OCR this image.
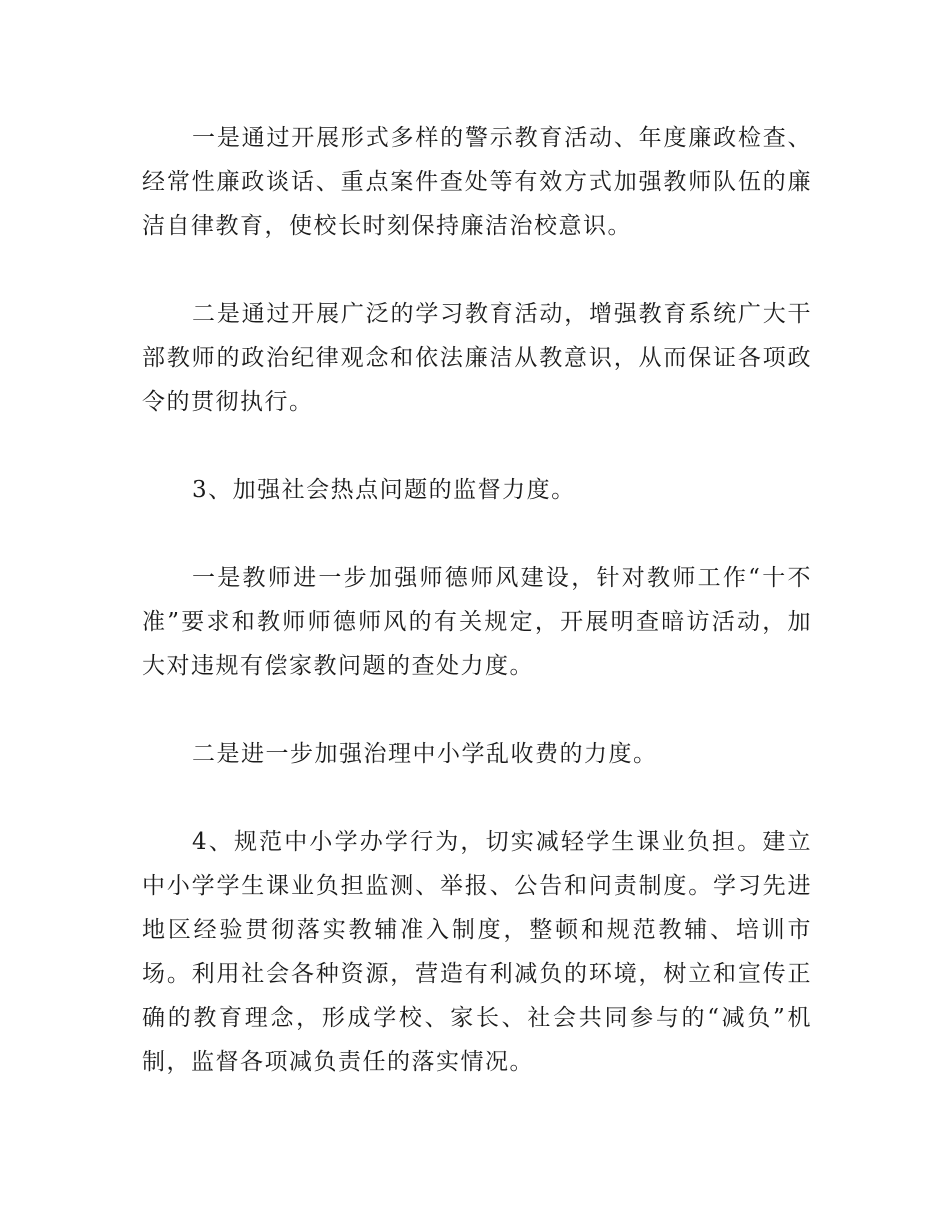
一是通过开展形式多样的警示教育活动、年度廉政检查、经常性廉政谈话、重点案件查处等有效方式加强教师队伍的廉洁自律教育，使校长时刻保持廉洁治校意识。

二是通过开展广泛的学习教育活动，增强教育系统广大干部教师的政治纪律观念和依法廉洁从教意识，从而保证各项政令的贯彻执行。

3、加强社会热点问题的监督力度。

一是教师进一步加强师德师风建设，针对教师工作“十不准”要求和教师师德师风的有关规定，开展明查暗访活动，加大对违规有偿家教问题的查处力度。

二是进一步加强治理中小学乱收费的力度。

4、规范中小学办学行为，切实减轻学生课业负担。建立中小学学生课业负担监测、举报、公告和问责制度。学习先进地区经验贯彻落实教辅准入制度，整顿和规范教辅、培训市场。利用社会各种资源，营造有利减负的环境，树立和宣传正确的教育理念，形成学校、家长、社会共同参与的“减负”机制，监督各项减负责任的落实情况。
